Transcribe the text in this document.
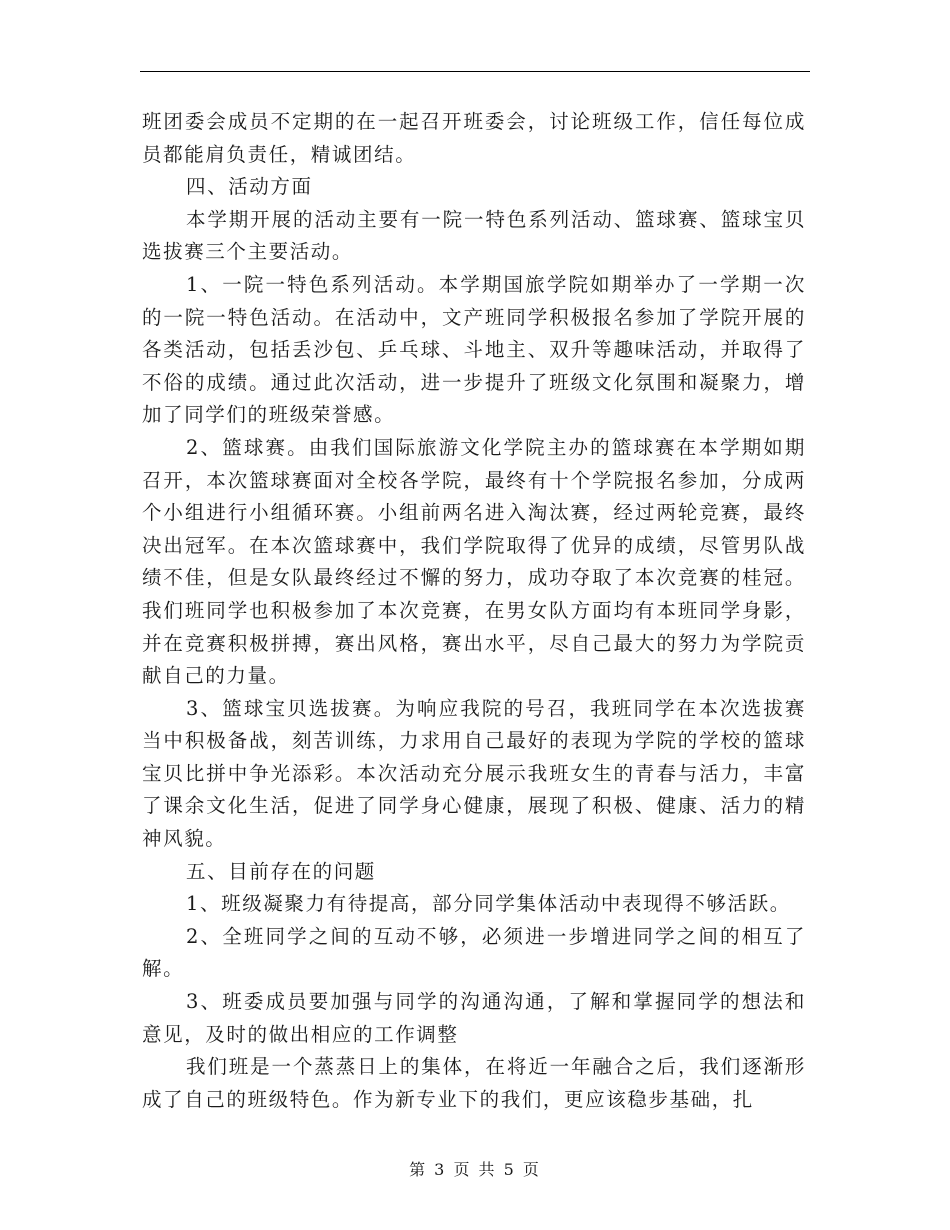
班团委会成员不定期的在一起召开班委会，讨论班级工作，信任每位成员都能肩负责任，精诚团结。

四、活动方面

本学期开展的活动主要有一院一特色系列活动、篮球赛、篮球宝贝选拔赛三个主要活动。

1、一院一特色系列活动。本学期国旅学院如期举办了一学期一次的一院一特色活动。在活动中，文产班同学积极报名参加了学院开展的各类活动，包括丢沙包、乒乓球、斗地主、双升等趣味活动，并取得了不俗的成绩。通过此次活动，进一步提升了班级文化氛围和凝聚力，增加了同学们的班级荣誉感。

2、篮球赛。由我们国际旅游文化学院主办的篮球赛在本学期如期召开，本次篮球赛面对全校各学院，最终有十个学院报名参加，分成两个小组进行小组循环赛。小组前两名进入淘汰赛，经过两轮竞赛，最终决出冠军。在本次篮球赛中，我们学院取得了优异的成绩，尽管男队战绩不佳，但是女队最终经过不懈的努力，成功夺取了本次竞赛的桂冠。我们班同学也积极参加了本次竞赛，在男女队方面均有本班同学身影，并在竞赛积极拼搏，赛出风格，赛出水平，尽自己最大的努力为学院贡献自己的力量。

3、篮球宝贝选拔赛。为响应我院的号召，我班同学在本次选拔赛当中积极备战，刻苦训练，力求用自己最好的表现为学院的学校的篮球宝贝比拼中争光添彩。本次活动充分展示我班女生的青春与活力，丰富了课余文化生活，促进了同学身心健康，展现了积极、健康、活力的精神风貌。

五、目前存在的问题

1、班级凝聚力有待提高，部分同学集体活动中表现得不够活跃。

2、全班同学之间的互动不够，必须进一步增进同学之间的相互了解。

3、班委成员要加强与同学的沟通沟通，了解和掌握同学的想法和意见，及时的做出相应的工作调整

我们班是一个蒸蒸日上的集体，在将近一年融合之后，我们逐渐形成了自己的班级特色。作为新专业下的我们，更应该稳步基础，扎

第 3 页 共 5 页
